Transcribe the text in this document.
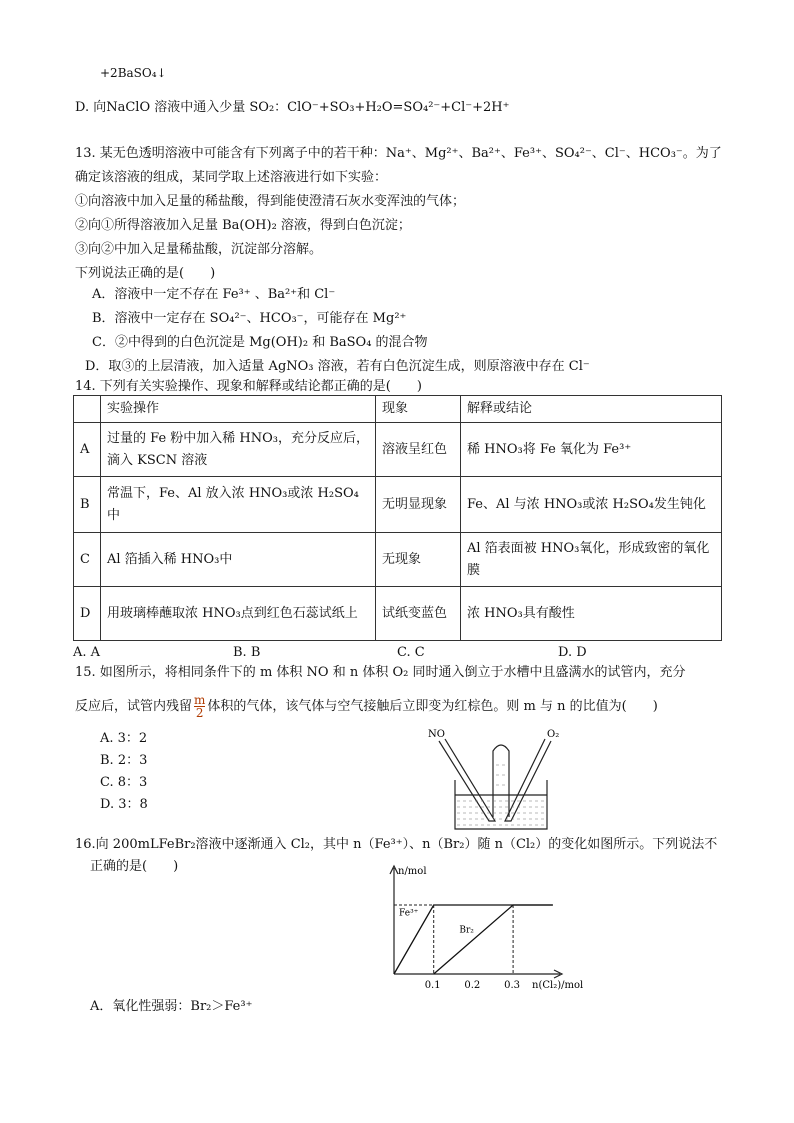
+2BaSO₄↓
D. 向NaClO 溶液中通入少量 SO₂：ClO⁻+SO₃+H₂O=SO₄²⁻+Cl⁻+2H⁺
13. 某无色透明溶液中可能含有下列离子中的若干种：Na⁺、Mg²⁺、Ba²⁺、Fe³⁺、SO₄²⁻、Cl⁻、HCO₃⁻。为了
确定该溶液的组成，某同学取上述溶液进行如下实验：
①向溶液中加入足量的稀盐酸，得到能使澄清石灰水变浑浊的气体；
②向①所得溶液加入足量 Ba(OH)₂ 溶液，得到白色沉淀；
③向②中加入足量稀盐酸，沉淀部分溶解。
下列说法正确的是(　　)
A．溶液中一定不存在 Fe³⁺ 、Ba²⁺和 Cl⁻
B．溶液中一定存在 SO₄²⁻、HCO₃⁻，可能存在 Mg²⁺
C．②中得到的白色沉淀是 Mg(OH)₂ 和 BaSO₄ 的混合物
D．取③的上层清液，加入适量 AgNO₃ 溶液，若有白色沉淀生成，则原溶液中存在 Cl⁻
14. 下列有关实验操作、现象和解释或结论都正确的是(　　)
	实验操作	现象	解释或结论
A	过量的 Fe 粉中加入稀 HNO₃，充分反应后，滴入 KSCN 溶液	溶液呈红色	稀 HNO₃将 Fe 氧化为 Fe³⁺
B	常温下，Fe、Al 放入浓 HNO₃或浓 H₂SO₄中	无明显现象	Fe、Al 与浓 HNO₃或浓 H₂SO₄发生钝化
C	Al 箔插入稀 HNO₃中	无现象	Al 箔表面被 HNO₃氧化，形成致密的氧化膜
D	用玻璃棒蘸取浓 HNO₃点到红色石蕊试纸上	试纸变蓝色	浓 HNO₃具有酸性
A. A	B. B	C. C	D. D
15. 如图所示，将相同条件下的 m 体积 NO 和 n 体积 O₂ 同时通入倒立于水槽中且盛满水的试管内，充分
反应后，试管内残留 $\frac{m}{2}$ 体积的气体，该气体与空气接触后立即变为红棕色。则 m 与 n 的比值为(　　)
A. 3：2
B. 2：3
C. 8：3
D. 3：8
NO	O₂
16.向 200mLFeBr₂溶液中逐渐通入 Cl₂，其中 n（Fe³⁺）、n（Br₂）随 n（Cl₂）的变化如图所示。下列说法不
正确的是(　　)	n/mol
n(Cl₂)/mol
Fe³⁺
Br₂
0.1 0.2 0.3
A．氧化性强弱：Br₂＞Fe³⁺
